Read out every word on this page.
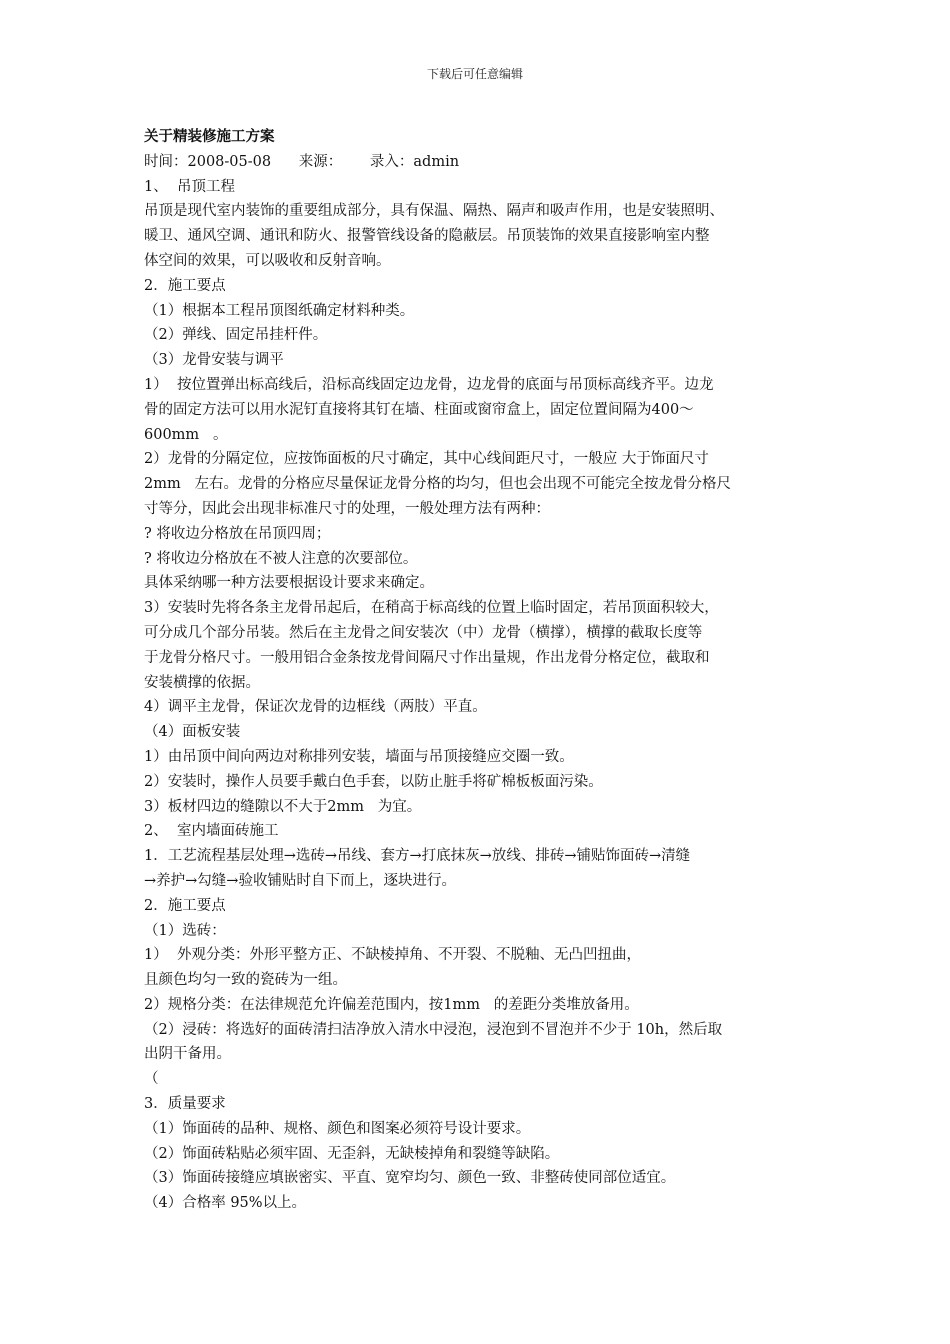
下载后可任意编辑
关于精装修施工方案
时间：2008-05-08      来源：      录入：admin
1、  吊顶工程
吊顶是现代室内装饰的重要组成部分，具有保温、隔热、隔声和吸声作用，也是安装照明、
暖卫、通风空调、通讯和防火、报警管线设备的隐蔽层。吊顶装饰的效果直接影响室内整
体空间的效果，可以吸收和反射音响。
2．施工要点
（1）根据本工程吊顶图纸确定材料种类。
（2）弹线、固定吊挂杆件。
（3）龙骨安装与调平
1）  按位置弹出标高线后，沿标高线固定边龙骨，边龙骨的底面与吊顶标高线齐平。边龙
骨的固定方法可以用水泥钉直接将其钉在墙、柱面或窗帘盒上，固定位置间隔为400～
600mm   。
2）龙骨的分隔定位，应按饰面板的尺寸确定，其中心线间距尺寸，一般应 大于饰面尺寸
2mm   左右。龙骨的分格应尽量保证龙骨分格的均匀，但也会出现不可能完全按龙骨分格尺
寸等分，因此会出现非标准尺寸的处理，一般处理方法有两种：
? 将收边分格放在吊顶四周；
? 将收边分格放在不被人注意的次要部位。
具体采纳哪一种方法要根据设计要求来确定。
3）安装时先将各条主龙骨吊起后，在稍高于标高线的位置上临时固定，若吊顶面积较大，
可分成几个部分吊装。然后在主龙骨之间安装次（中）龙骨（横撑），横撑的截取长度等
于龙骨分格尺寸。一般用铝合金条按龙骨间隔尺寸作出量规，作出龙骨分格定位，截取和
安装横撑的依据。
4）调平主龙骨，保证次龙骨的边框线（两肢）平直。
（4）面板安装
1）由吊顶中间向两边对称排列安装，墙面与吊顶接缝应交圈一致。
2）安装时，操作人员要手戴白色手套，以防止脏手将矿棉板板面污染。
3）板材四边的缝隙以不大于2mm   为宜。
2、  室内墙面砖施工
1．工艺流程基层处理→选砖→吊线、套方→打底抹灰→放线、排砖→铺贴饰面砖→清缝
→养护→勾缝→验收铺贴时自下而上，逐块进行。
2．施工要点
（1）选砖：
1）  外观分类：外形平整方正、不缺棱掉角、不开裂、不脱釉、无凸凹扭曲，
且颜色均匀一致的瓷砖为一组。
2）规格分类：在法律规范允许偏差范围内，按1mm   的差距分类堆放备用。
（2）浸砖：将选好的面砖清扫洁净放入清水中浸泡，浸泡到不冒泡并不少于 10h，然后取
出阴干备用。
（
3．质量要求
（1）饰面砖的品种、规格、颜色和图案必须符号设计要求。
（2）饰面砖粘贴必须牢固、无歪斜，无缺棱掉角和裂缝等缺陷。
（3）饰面砖接缝应填嵌密实、平直、宽窄均匀、颜色一致、非整砖使同部位适宜。
（4）合格率 95%以上。
